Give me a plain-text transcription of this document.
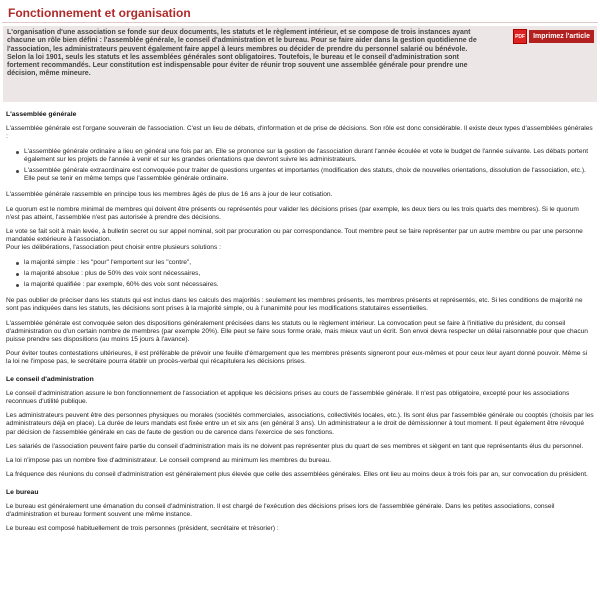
Fonctionnement et organisation
L'organisation d'une association se fonde sur deux documents, les statuts et le règlement intérieur, et se compose de trois instances ayant chacune un rôle bien défini : l'assemblée générale, le conseil d'administration et le bureau. Pour se faire aider dans la gestion quotidienne de l'association, les administrateurs peuvent également faire appel à leurs membres ou décider de prendre du personnel salarié ou bénévole. Selon la loi 1901, seuls les statuts et les assemblées générales sont obligatoires. Toutefois, le bureau et le conseil d'administration sont fortement recommandés. Leur constitution est indispensable pour éviter de réunir trop souvent une assemblée générale pour prendre une décision, même mineure.
PDF	Imprimez l'article
L'assemblée générale

L'assemblée générale est l'organe souverain de l'association. C'est un lieu de débats, d'information et de prise de décisions. Son rôle est donc considérable. Il existe deux types d'assemblées générales :

L'assemblée générale ordinaire a lieu en général une fois par an. Elle se prononce sur la gestion de l'association durant l'année écoulée et vote le budget de l'année suivante. Les débats portent également sur les projets de l'année à venir et sur les grandes orientations que devront suivre les administrateurs.
L'assemblée générale extraordinaire est convoquée pour traiter de questions urgentes et importantes (modification des statuts, choix de nouvelles orientations, dissolution de l'association, etc.). Elle peut se tenir en même temps que l'assemblée générale ordinaire.

L'assemblée générale rassemble en principe tous les membres âgés de plus de 16 ans à jour de leur cotisation.

Le quorum est le nombre minimal de membres qui doivent être présents ou représentés pour valider les décisions prises (par exemple, les deux tiers ou les trois quarts des membres). Si le quorum n'est pas atteint, l'assemblée n'est pas autorisée à prendre des décisions.

Le vote se fait soit à main levée, à bulletin secret ou sur appel nominal, soit par procuration ou par correspondance. Tout membre peut se faire représenter par un autre membre ou par une personne mandatée extérieure à l'association.

Pour les délibérations, l'association peut choisir entre plusieurs solutions :

la majorité simple : les "pour" l'emportent sur les "contre",
la majorité absolue : plus de 50% des voix sont nécessaires,
la majorité qualifiée : par exemple, 60% des voix sont nécessaires.

Ne pas oublier de préciser dans les statuts qui est inclus dans les calculs des majorités : seulement les membres présents, les membres présents et représentés, etc. Si les conditions de majorité ne sont pas indiquées dans les statuts, les décisions sont prises à la majorité simple, ou à l'unanimité pour les modifications statutaires essentielles.

L'assemblée générale est convoquée selon des dispositions généralement précisées dans les statuts ou le règlement intérieur. La convocation peut se faire à l'initiative du président, du conseil d'administration ou d'un certain nombre de membres (par exemple 20%). Elle peut se faire sous forme orale, mais mieux vaut un écrit. Son envoi devra respecter un délai raisonnable pour que chacun puisse prendre ses dispositions (au moins 15 jours à l'avance).

Pour éviter toutes contestations ultérieures, il est préférable de prévoir une feuille d'émargement que les membres présents signeront pour eux-mêmes et pour ceux leur ayant donné pouvoir. Même si la loi ne l'impose pas, le secrétaire pourra établir un procès-verbal qui récapitulera les décisions prises.

Le conseil d'administration

Le conseil d'administration assure le bon fonctionnement de l'association et applique les décisions prises au cours de l'assemblée générale. Il n'est pas obligatoire, excepté pour les associations reconnues d'utilité publique.

Les administrateurs peuvent être des personnes physiques ou morales (sociétés commerciales, associations, collectivités locales, etc.). Ils sont élus par l'assemblée générale ou cooptés (choisis par les administrateurs déjà en place). La durée de leurs mandats est fixée entre un et six ans (en général 3 ans). Un administrateur a le droit de démissionner à tout moment. Il peut également être révoqué par décision de l'assemblée générale en cas de faute de gestion ou de carence dans l'exercice de ses fonctions.

Les salariés de l'association peuvent faire partie du conseil d'administration mais ils ne doivent pas représenter plus du quart de ses membres et siègent en tant que représentants élus du personnel.

La loi n'impose pas un nombre fixe d'administrateur. Le conseil comprend au minimum les membres du bureau.

La fréquence des réunions du conseil d'administration est généralement plus élevée que celle des assemblées générales. Elles ont lieu au moins deux à trois fois par an, sur convocation du président.

Le bureau

Le bureau est généralement une émanation du conseil d'administration. Il est chargé de l'exécution des décisions prises lors de l'assemblée générale. Dans les petites associations, conseil d'administration et bureau forment souvent une même instance.

Le bureau est composé habituellement de trois personnes (président, secrétaire et trésorier) :
